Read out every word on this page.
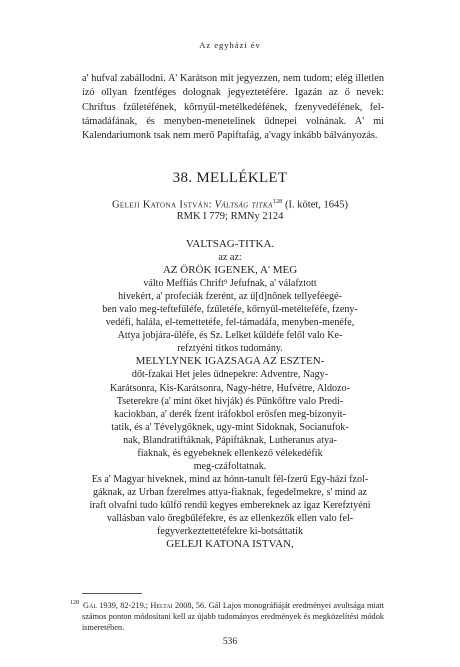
Az egyházi év

a' hufval zabállodni. A' Karátson mit jegyezzen, nem tudom; elég illetlen ízó ollyan fzentféges dolognak jegyeztetéfére. Igazán az ő nevek: Chriftus fzűletéfének, kőrnyűl-metélkedéfének, fzenyvedéfének, fel-támadáfának, és menyben-menetelinek űdnepei volnának. A' mi Kalendariumonk tsak nem merő Papiftafág, a'vagy inkább bálványozás.

38. MELLÉKLET
Geleji Katona István: Váltság titka$^{128}$ (I. kötet, 1645)
RMK I 779; RMNy 2124
VALTSAG-TITKA.
az az:
AZ ÖRÖK IGENEK, A' MEG
válto Meffiás Chrift⁹ Jefufnak, a' válafztott
hivekért, a' profeciák fzerént, az ű[d]nőnek tellyeféegé-
ben valo meg-teftefűléfe, fzűletéfe, kőrnyűl-metélteféfe, fzeny-
vedéfi, halála, el-temettetéfe, fel-támadáfa, menyben-menéfe,
Attya jobjára-űléfe, és Sz. Lelket kűldéfe felől valo Ke-
refztyéni titkos tudomány.
MELYLYNEK IGAZSAGA AZ ESZTEN-
dőt-fzakai Het jeles űdnepekre: Adventre, Nagy-
Karátsonra, Kis-Karátsonra, Nagy-hétre, Hufvétre, Aldozo-
Tseterekre (a' mint őket hivják) és Pűnkőftre valo Predi-
kaciokban, a' derék fzent iráfokbol erősfen meg-bizonyit-
tatik, és a' Tévelygőknek, ugy-mint Sidoknak, Socianufok-
nak, Blandratiftáknak, Pápiftáknak, Lutheranus atya-
fiaknak, és egyebeknek ellenkező vélekedéfik
meg-czáfoltatnak.
Es a' Magyar hiveknek, mind az hónn-tanult fél-fzerű Egy-házi fzol-
gáknak, az Urban fzerelmes attya-fiaknak, fegedelmekre, s' mind az
iraft olvafni tudo kűlfő rendű kegyes embereknek az igaz Kerefztyéni
vallásban valo őregbűléfekre, és az ellenkezők ellen valo fel-
fegyverkeztettetéfekre ki-botsáttatik
GELEJI KATONA ISTVAN,
$^{128}$ Gál 1939, 82-219.; Heltai 2008, 56. Gál Lajos monográfiáját eredményei avultsága miatt számos ponton módosítani kell az újabb tudományos eredmények és megközelítési módok ismeretében.
536
